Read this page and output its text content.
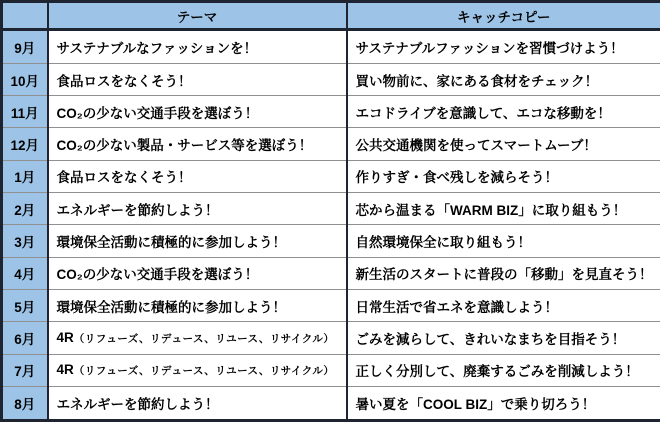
	テーマ	キャッチコピー
9月	サステナブルなファッションを！	サステナブルファッションを習慣づけよう！
10月	食品ロスをなくそう！	買い物前に、家にある食材をチェック！
11月	CO₂の少ない交通手段を選ぼう！	エコドライブを意識して、エコな移動を！
12月	CO₂の少ない製品・サービス等を選ぼう！	公共交通機関を使ってスマートムーブ！
1月	食品ロスをなくそう！	作りすぎ・食べ残しを減らそう！
2月	エネルギーを節約しよう！	芯から温まる「WARM BIZ」に取り組もう！
3月	環境保全活動に積極的に参加しよう！	自然環境保全に取り組もう！
4月	CO₂の少ない交通手段を選ぼう！	新生活のスタートに普段の「移動」を見直そう！
5月	環境保全活動に積極的に参加しよう！	日常生活で省エネを意識しよう！
6月	4R（リフューズ、リデュース、リユース、リサイクル）	ごみを減らして、きれいなまちを目指そう！
7月	4R（リフューズ、リデュース、リユース、リサイクル）	正しく分別して、廃棄するごみを削減しよう！
8月	エネルギーを節約しよう！	暑い夏を「COOL BIZ」で乗り切ろう！
